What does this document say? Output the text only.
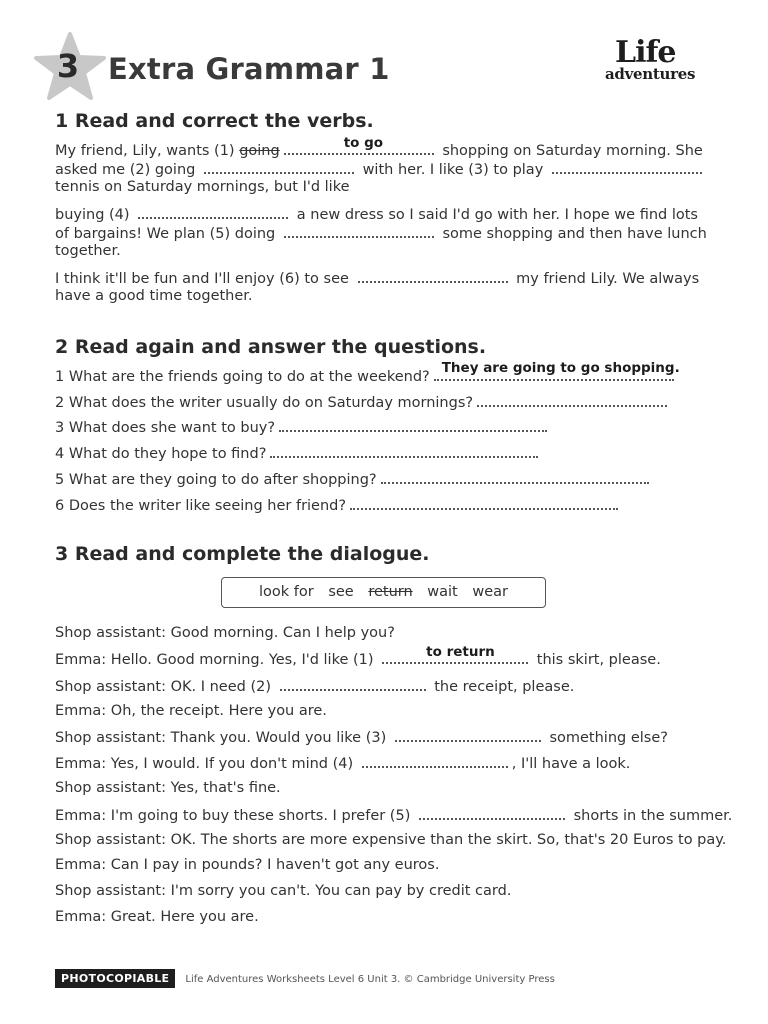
3 Extra Grammar 1	Life
adventures
1 Read and correct the verbs.
My friend, Lily, wants (1) going	to go	shopping on Saturday morning. She
asked me (2) going	with her. I like (3) to play
tennis on Saturday mornings, but I'd like
buying (4)	a new dress so I said I'd go with her. I hope we find lots
of bargains! We plan (5) doing	some shopping and then have lunch
together.
I think it'll be fun and I'll enjoy (6) to see	my friend Lily. We always
have a good time together.
2 Read again and answer the questions.
1 What are the friends going to do at the weekend?
They are going to go shopping.
2 What does the writer usually do on Saturday mornings?
3 What does she want to buy?
4 What do they hope to find?
5 What are they going to do after shopping?
6 Does the writer like seeing her friend?
3 Read and complete the dialogue.
look for see return wait wear
Shop assistant: Good morning. Can I help you?
Emma: Hello. Good morning. Yes, I'd like (1)	to return	this skirt, please.
Shop assistant: OK. I need (2)	the receipt, please.
Emma: Oh, the receipt. Here you are.
Shop assistant: Thank you. Would you like (3)	something else?
Emma: Yes, I would. If you don't mind (4)	, I'll have a look.
Shop assistant: Yes, that's fine.
Emma: I'm going to buy these shorts. I prefer (5)	shorts in the summer.
Shop assistant: OK. The shorts are more expensive than the skirt. So, that's 20 Euros to pay.
Emma: Can I pay in pounds? I haven't got any euros.
Shop assistant: I'm sorry you can't. You can pay by credit card.
Emma: Great. Here you are.
PHOTOCOPIABLE Life Adventures Worksheets Level 6 Unit 3. © Cambridge University Press
